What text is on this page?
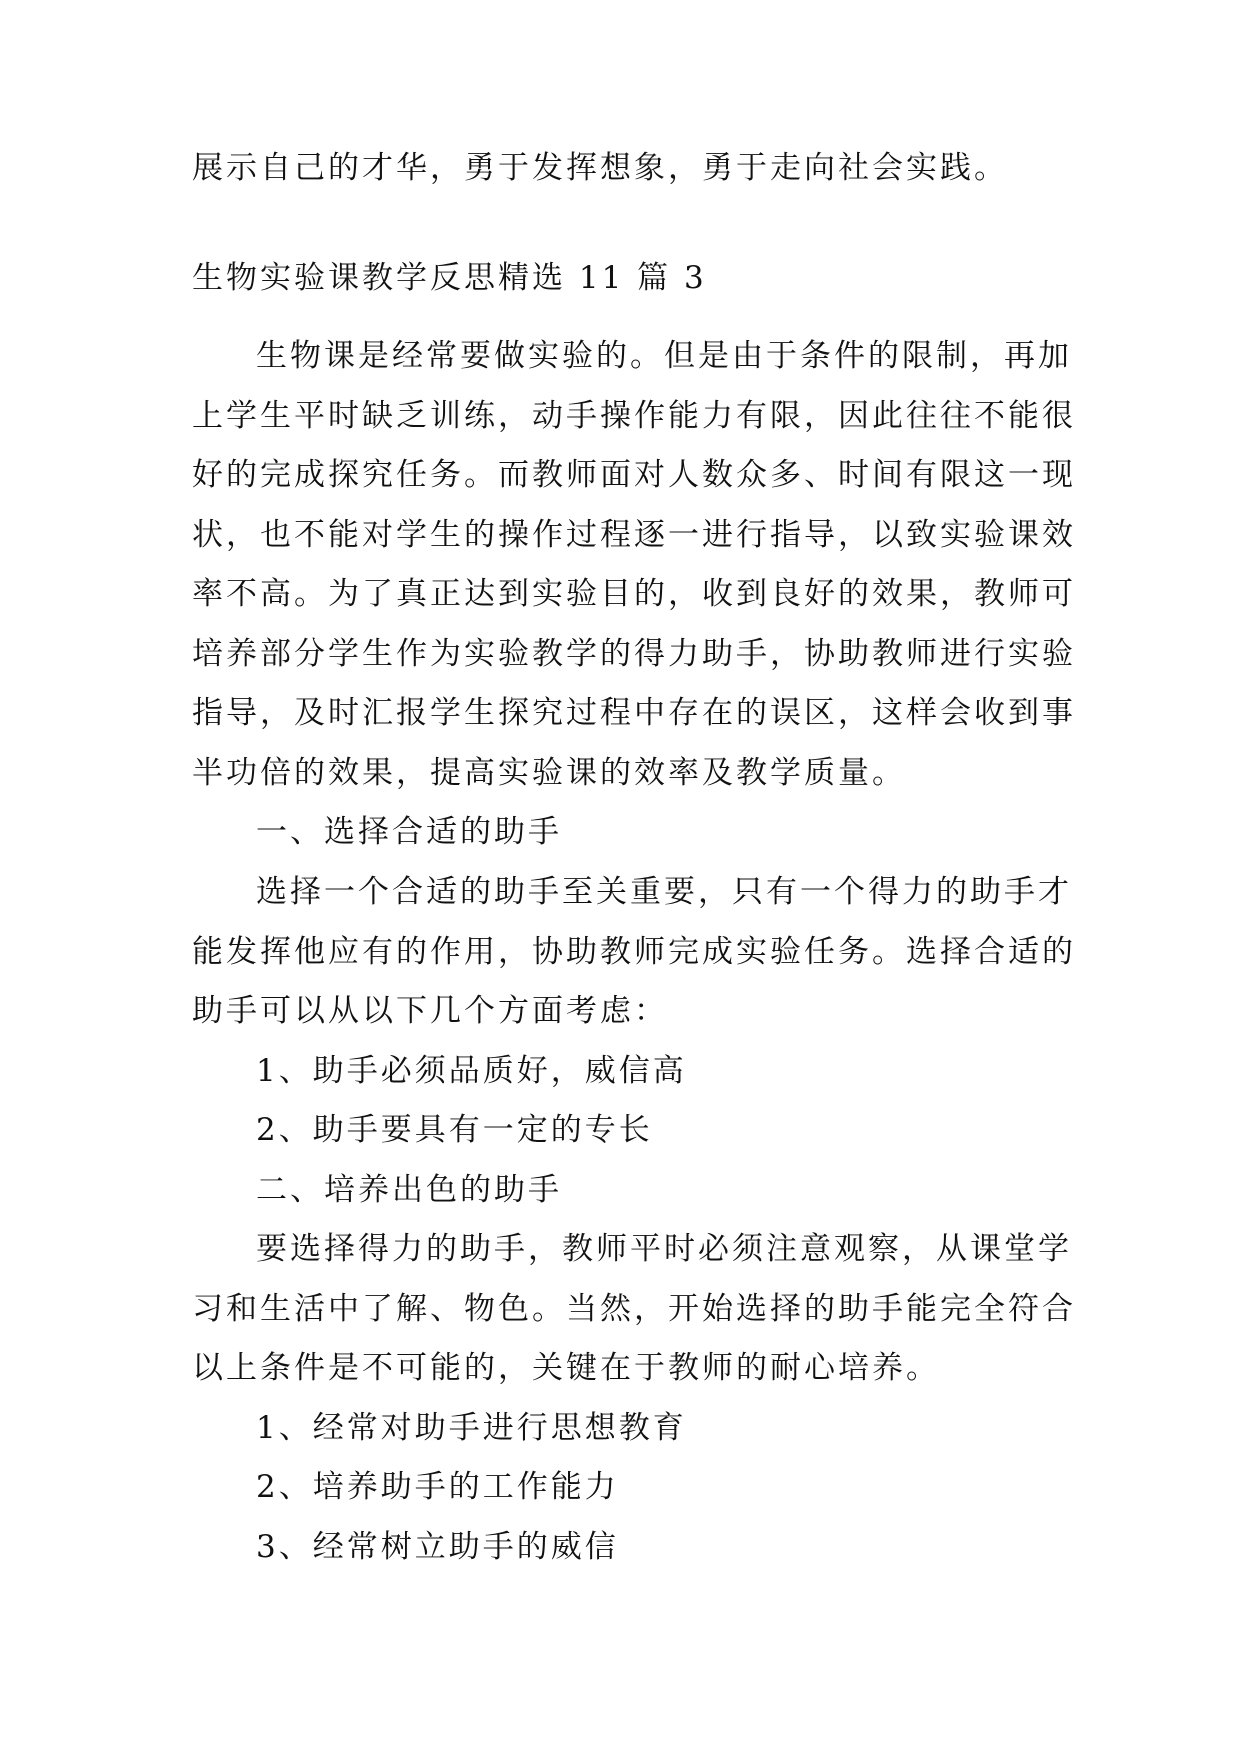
展示自己的才华，勇于发挥想象，勇于走向社会实践。
生物实验课教学反思精选 11 篇 3
生物课是经常要做实验的。但是由于条件的限制，再加
上学生平时缺乏训练，动手操作能力有限，因此往往不能很
好的完成探究任务。而教师面对人数众多、时间有限这一现
状，也不能对学生的操作过程逐一进行指导，以致实验课效
率不高。为了真正达到实验目的，收到良好的效果，教师可
培养部分学生作为实验教学的得力助手，协助教师进行实验
指导，及时汇报学生探究过程中存在的误区，这样会收到事
半功倍的效果，提高实验课的效率及教学质量。
一、选择合适的助手
选择一个合适的助手至关重要，只有一个得力的助手才
能发挥他应有的作用，协助教师完成实验任务。选择合适的
助手可以从以下几个方面考虑：
1、助手必须品质好，威信高
2、助手要具有一定的专长
二、培养出色的助手
要选择得力的助手，教师平时必须注意观察，从课堂学
习和生活中了解、物色。当然，开始选择的助手能完全符合
以上条件是不可能的，关键在于教师的耐心培养。
1、经常对助手进行思想教育
2、培养助手的工作能力
3、经常树立助手的威信
